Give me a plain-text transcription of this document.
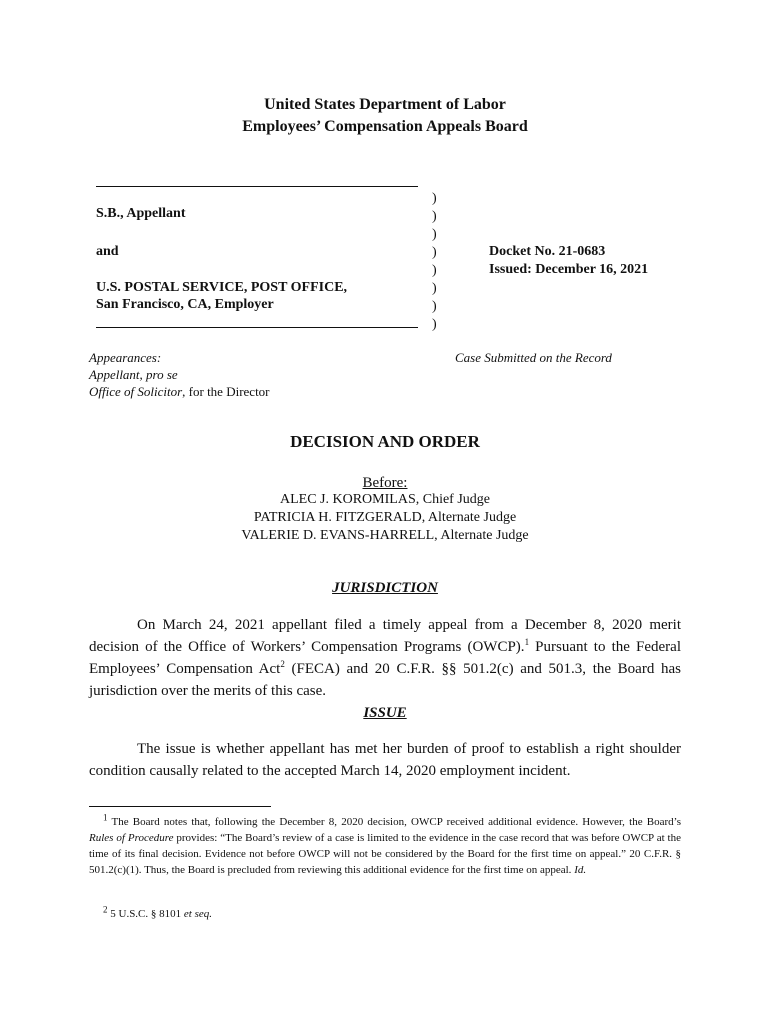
United States Department of Labor
Employees’ Compensation Appeals Board
S.B., Appellant
and
U.S. POSTAL SERVICE, POST OFFICE,
San Francisco, CA, Employer
)
)
)
)
)
)
)
)
Docket No. 21-0683
Issued: December 16, 2021
Appearances:
Appellant, pro se
Office of Solicitor, for the Director
Case Submitted on the Record
DECISION AND ORDER
Before:
ALEC J. KOROMILAS, Chief Judge
PATRICIA H. FITZGERALD, Alternate Judge
VALERIE D. EVANS-HARRELL, Alternate Judge
JURISDICTION
On March 24, 2021 appellant filed a timely appeal from a December 8, 2020 merit decision of the Office of Workers’ Compensation Programs (OWCP).$^1$ Pursuant to the Federal Employees’ Compensation Act$^2$ (FECA) and 20 C.F.R. §§ 501.2(c) and 501.3, the Board has jurisdiction over the merits of this case.
ISSUE
The issue is whether appellant has met her burden of proof to establish a right shoulder condition causally related to the accepted March 14, 2020 employment incident.
$^1$ The Board notes that, following the December 8, 2020 decision, OWCP received additional evidence. However, the Board’s Rules of Procedure provides: “The Board’s review of a case is limited to the evidence in the case record that was before OWCP at the time of its final decision. Evidence not before OWCP will not be considered by the Board for the first time on appeal.” 20 C.F.R. § 501.2(c)(1). Thus, the Board is precluded from reviewing this additional evidence for the first time on appeal. Id.
$^2$ 5 U.S.C. § 8101 et seq.
